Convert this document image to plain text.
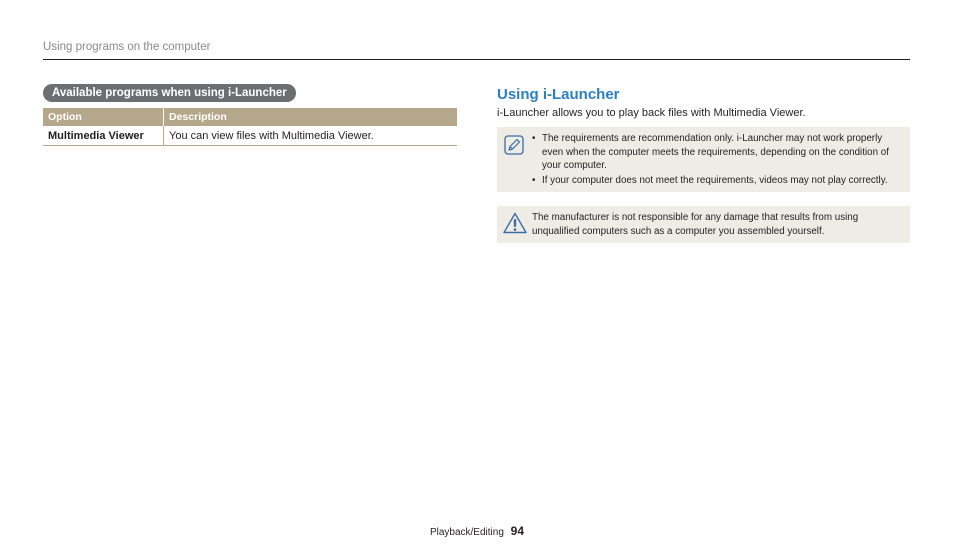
Using programs on the computer
Available programs when using i-Launcher
Option	Description
Multimedia Viewer	You can view files with Multimedia Viewer.
Using i-Launcher
i-Launcher allows you to play back files with Multimedia Viewer.
• The requirements are recommendation only. i-Launcher may not work properly even when the computer meets the requirements, depending on the condition of your computer.
• If your computer does not meet the requirements, videos may not play correctly.
The manufacturer is not responsible for any damage that results from using unqualified computers such as a computer you assembled yourself.
Playback/Editing 94
